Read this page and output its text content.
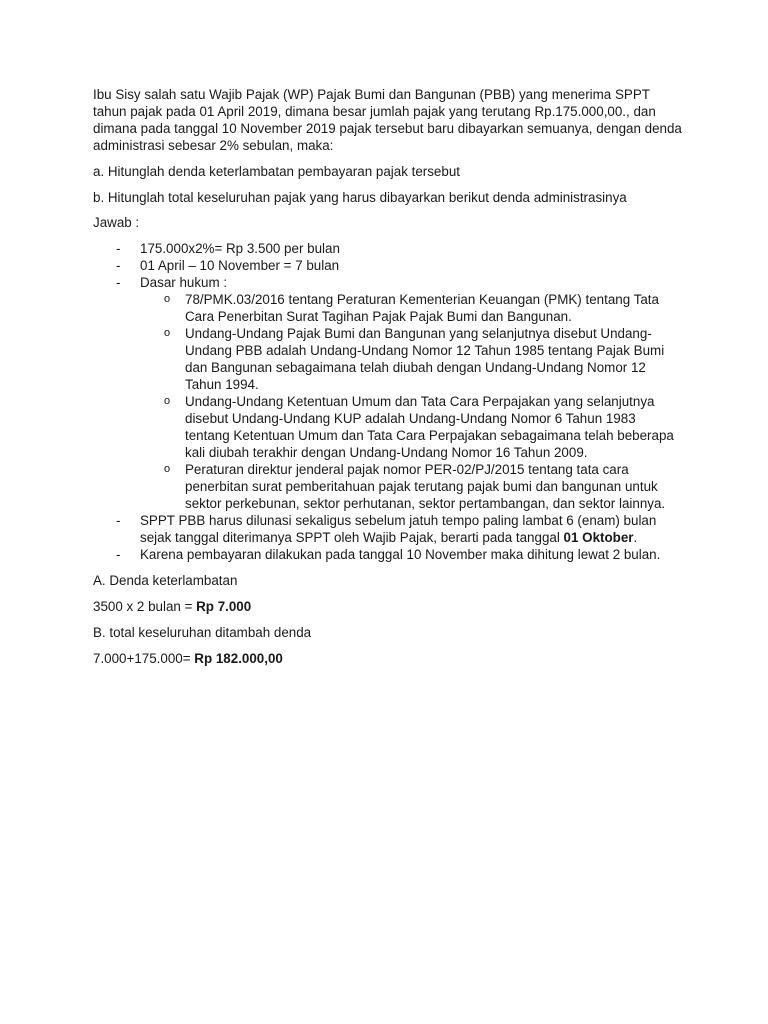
Ibu Sisy salah satu Wajib Pajak (WP) Pajak Bumi dan Bangunan (PBB) yang menerima SPPT tahun pajak pada 01 April 2019, dimana besar jumlah pajak yang terutang Rp.175.000,00., dan dimana pada tanggal 10 November 2019 pajak tersebut baru dibayarkan semuanya, dengan denda administrasi sebesar 2% sebulan, maka:

a. Hitunglah denda keterlambatan pembayaran pajak tersebut

b. Hitunglah total keseluruhan pajak yang harus dibayarkan berikut denda administrasinya

Jawab :

- 175.000x2%= Rp 3.500 per bulan
- 01 April – 10 November = 7 bulan
- Dasar hukum :
o 78/PMK.03/2016 tentang Peraturan Kementerian Keuangan (PMK) tentang Tata Cara Penerbitan Surat Tagihan Pajak Pajak Bumi dan Bangunan.
o Undang-Undang Pajak Bumi dan Bangunan yang selanjutnya disebut Undang-Undang PBB adalah Undang-Undang Nomor 12 Tahun 1985 tentang Pajak Bumi dan Bangunan sebagaimana telah diubah dengan Undang-Undang Nomor 12 Tahun 1994.
o Undang-Undang Ketentuan Umum dan Tata Cara Perpajakan yang selanjutnya disebut Undang-Undang KUP adalah Undang-Undang Nomor 6 Tahun 1983 tentang Ketentuan Umum dan Tata Cara Perpajakan sebagaimana telah beberapa kali diubah terakhir dengan Undang-Undang Nomor 16 Tahun 2009.
o Peraturan direktur jenderal pajak nomor PER-02/PJ/2015 tentang tata cara penerbitan surat pemberitahuan pajak terutang pajak bumi dan bangunan untuk sektor perkebunan, sektor perhutanan, sektor pertambangan, dan sektor lainnya.
- SPPT PBB harus dilunasi sekaligus sebelum jatuh tempo paling lambat 6 (enam) bulan sejak tanggal diterimanya SPPT oleh Wajib Pajak, berarti pada tanggal 01 Oktober.
- Karena pembayaran dilakukan pada tanggal 10 November maka dihitung lewat 2 bulan.

A. Denda keterlambatan

3500 x 2 bulan = Rp 7.000

B. total keseluruhan ditambah denda

7.000+175.000= Rp 182.000,00
